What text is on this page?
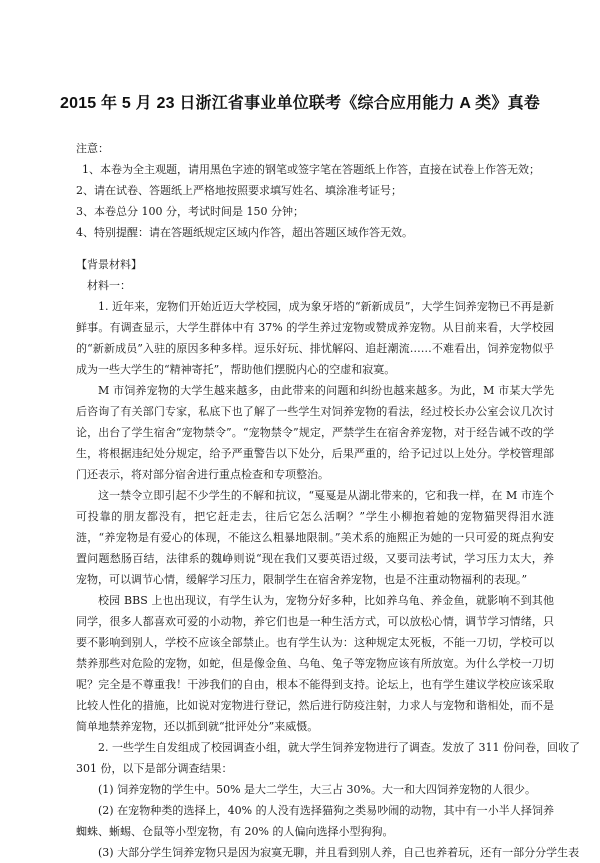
2015 年 5 月 23 日浙江省事业单位联考《综合应用能力 A 类》真卷
注意：
1、本卷为全主观题，请用黑色字迹的钢笔或签字笔在答题纸上作答，直接在试卷上作答无效；
2、请在试卷、答题纸上严格地按照要求填写姓名、填涂准考证号；
3、本卷总分 100 分，考试时间是 150 分钟；
4、特别提醒：请在答题纸规定区域内作答，超出答题区域作答无效。

【背景材料】

材料一：

1. 近年来，宠物们开始近迈大学校园，成为象牙塔的“新新成员”，大学生饲养宠物已不再是新鲜事。有调查显示，大学生群体中有 37% 的学生养过宠物或赞成养宠物。从目前来看，大学校园的“新新成员”入驻的原因多种多样。逗乐好玩、排忧解闷、追赶潮流……不难看出，饲养宠物似乎成为一些大学生的“精神寄托”，帮助他们摆脱内心的空虚和寂寞。

M 市饲养宠物的大学生越来越多，由此带来的问题和纠纷也越来越多。为此，M 市某大学先后咨询了有关部门专家，私底下也了解了一些学生对饲养宠物的看法，经过校长办公室会议几次讨论，出台了学生宿舍“宠物禁令”。“宠物禁令”规定，严禁学生在宿舍养宠物，对于经告诫不改的学生，将根据违纪处分规定，给予严重警告以下处分，后果严重的，给予记过以上处分。学校管理部门还表示，将对部分宿舍进行重点检查和专项整治。

这一禁令立即引起不少学生的不解和抗议，“戛戛是从湖北带来的，它和我一样，在 M 市连个可投靠的朋友都没有，把它赶走去，往后它怎么活啊？”学生小柳抱着她的宠物猫哭得泪水涟涟，“养宠物是有爱心的体现，不能这么粗暴地限制。”美术系的施熙正为她的一只可爱的斑点狗安置问题愁肠百结，法律系的魏峥则说“现在我们又要英语过级，又要司法考试，学习压力太大，养宠物，可以调节心情，缓解学习压力，限制学生在宿舍养宠物，也是不注重动物福利的表现。”

校园 BBS 上也出现议，有学生认为，宠物分好多种，比如养乌龟、养金鱼，就影响不到其他同学，很多人都喜欢可爱的小动物，养它们也是一种生活方式，可以放松心情，调节学习情绪，只要不影响到别人，学校不应该全部禁止。也有学生认为：这种规定太死板，不能一刀切，学校可以禁养那些对危险的宠物，如蛇，但是像金鱼、乌龟、兔子等宠物应该有所放宽。为什么学校一刀切呢？完全是不尊重我！干涉我们的自由，根本不能得到支持。论坛上，也有学生建议学校应该采取比较人性化的措施，比如说对宠物进行登记，然后进行防疫注射，力求人与宠物和谐相处，而不是简单地禁养宠物，还以抓到就“批评处分”来威慑。

2. 一些学生自发组成了校园调查小组，就大学生饲养宠物进行了调查。发放了 311 份问卷，回收了

301 份，以下是部分调查结果：

(1) 饲养宠物的学生中。50% 是大二学生，大三占 30%。大一和大四饲养宠物的人很少。

(2) 在宠物种类的选择上，40% 的人没有选择猫狗之类易吵闹的动物，其中有一小半人择饲养蜘蛛、蜥蜴、仓鼠等小型宠物，有 20% 的人偏向选择小型狗狗。

(3) 大部分学生饲养宠物只是因为寂寞无聊，并且看到别人养，自己也养着玩，还有一部分分学生表
